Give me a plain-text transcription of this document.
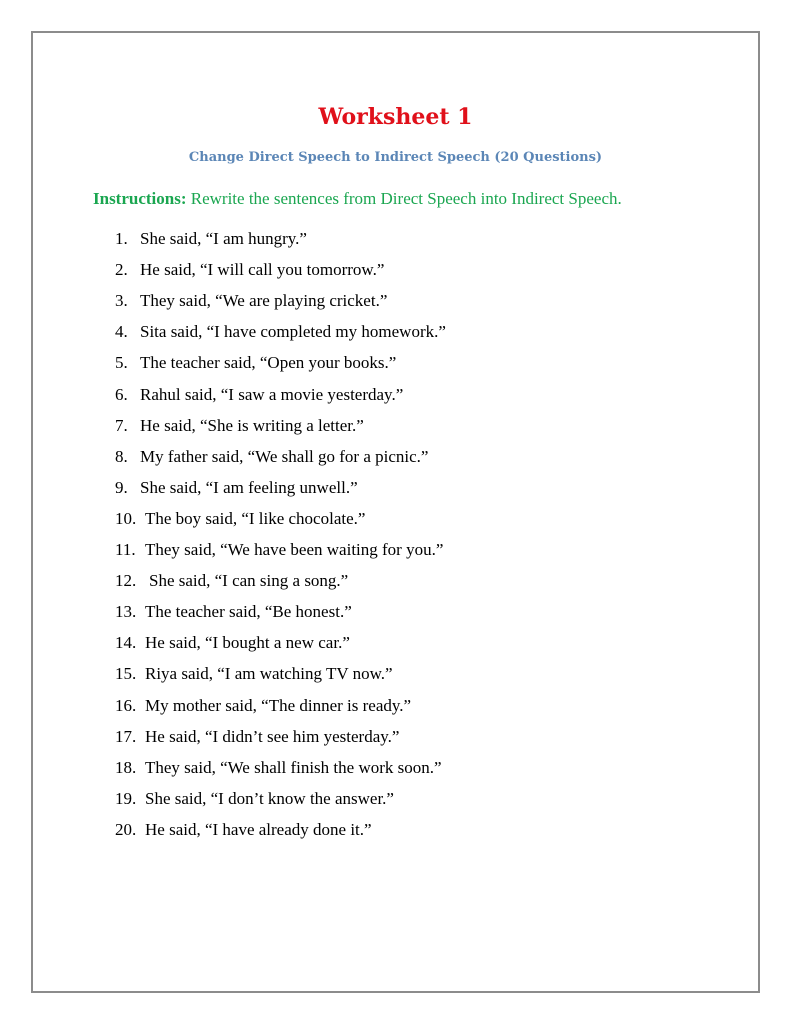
Worksheet 1
Change Direct Speech to Indirect Speech (20 Questions)

Instructions: Rewrite the sentences from Direct Speech into Indirect Speech.

1. She said, “I am hungry.”
2. He said, “I will call you tomorrow.”
3. They said, “We are playing cricket.”
4. Sita said, “I have completed my homework.”
5. The teacher said, “Open your books.”
6. Rahul said, “I saw a movie yesterday.”
7. He said, “She is writing a letter.”
8. My father said, “We shall go for a picnic.”
9. She said, “I am feeling unwell.”
10. The boy said, “I like chocolate.”
11. They said, “We have been waiting for you.”
12. She said, “I can sing a song.”
13. The teacher said, “Be honest.”
14. He said, “I bought a new car.”
15. Riya said, “I am watching TV now.”
16. My mother said, “The dinner is ready.”
17. He said, “I didn’t see him yesterday.”
18. They said, “We shall finish the work soon.”
19. She said, “I don’t know the answer.”
20. He said, “I have already done it.”
